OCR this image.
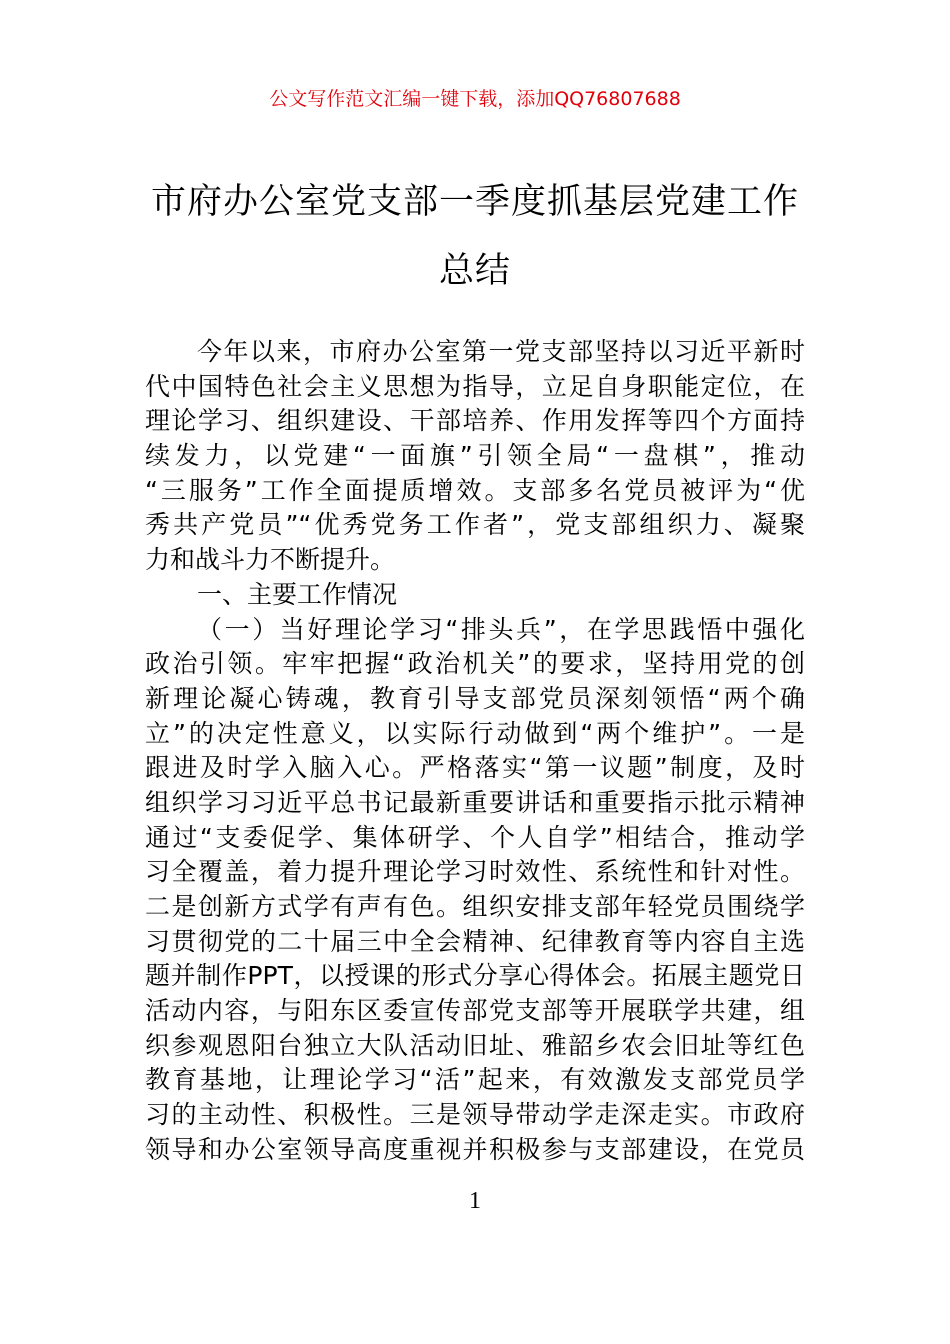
公文写作范文汇编一键下载，添加QQ76807688
市府办公室党支部一季度抓基层党建工作
总结
今年以来，市府办公室第一党支部坚持以习近平新时
代中国特色社会主义思想为指导，立足自身职能定位，在
理论学习、组织建设、干部培养、作用发挥等四个方面持
续发力，以党建“一面旗”引领全局“一盘棋”，推动
“三服务”工作全面提质增效。支部多名党员被评为“优
秀共产党员”“优秀党务工作者”，党支部组织力、凝聚
力和战斗力不断提升。
一、主要工作情况
（一）当好理论学习“排头兵”，在学思践悟中强化
政治引领。牢牢把握“政治机关”的要求，坚持用党的创
新理论凝心铸魂，教育引导支部党员深刻领悟“两个确
立”的决定性意义，以实际行动做到“两个维护”。一是
跟进及时学入脑入心。严格落实“第一议题”制度，及时
组织学习习近平总书记最新重要讲话和重要指示批示精神
通过“支委促学、集体研学、个人自学”相结合，推动学
习全覆盖，着力提升理论学习时效性、系统性和针对性。
二是创新方式学有声有色。组织安排支部年轻党员围绕学
习贯彻党的二十届三中全会精神、纪律教育等内容自主选
题并制作PPT，以授课的形式分享心得体会。拓展主题党日
活动内容，与阳东区委宣传部党支部等开展联学共建，组
织参观恩阳台独立大队活动旧址、雅韶乡农会旧址等红色
教育基地，让理论学习“活”起来，有效激发支部党员学
习的主动性、积极性。三是领导带动学走深走实。市政府
领导和办公室领导高度重视并积极参与支部建设，在党员
1
